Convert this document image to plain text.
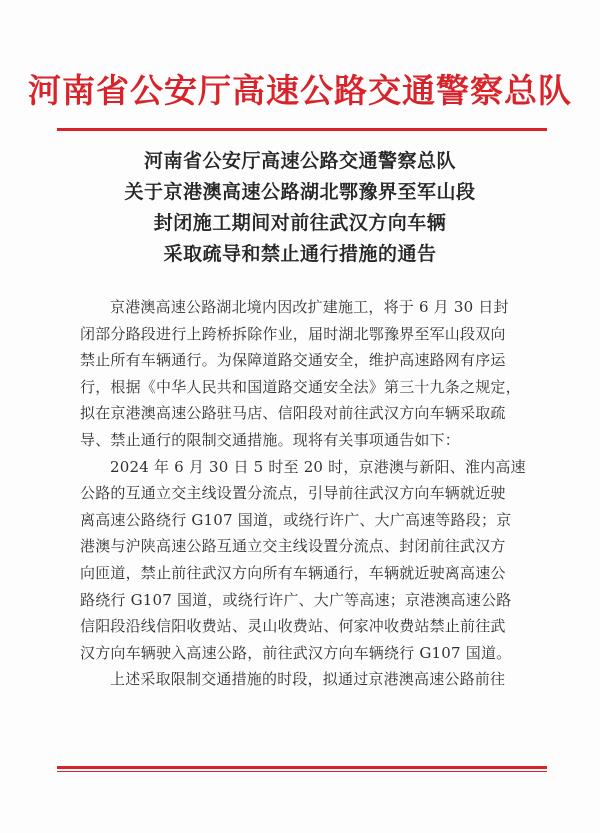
河南省公安厅高速公路交通警察总队
河南省公安厅高速公路交通警察总队
关于京港澳高速公路湖北鄂豫界至军山段
封闭施工期间对前往武汉方向车辆
采取疏导和禁止通行措施的通告
京港澳高速公路湖北境内因改扩建施工，将于 6 月 30 日封
闭部分路段进行上跨桥拆除作业，届时湖北鄂豫界至军山段双向
禁止所有车辆通行。为保障道路交通安全，维护高速路网有序运
行，根据《中华人民共和国道路交通安全法》第三十九条之规定，
拟在京港澳高速公路驻马店、信阳段对前往武汉方向车辆采取疏
导、禁止通行的限制交通措施。现将有关事项通告如下：
2024 年 6 月 30 日 5 时至 20 时，京港澳与新阳、淮内高速
公路的互通立交主线设置分流点，引导前往武汉方向车辆就近驶
离高速公路绕行 G107 国道，或绕行许广、大广高速等路段；京
港澳与沪陕高速公路互通立交主线设置分流点、封闭前往武汉方
向匝道，禁止前往武汉方向所有车辆通行，车辆就近驶离高速公
路绕行 G107 国道，或绕行许广、大广等高速；京港澳高速公路
信阳段沿线信阳收费站、灵山收费站、何家冲收费站禁止前往武
汉方向车辆驶入高速公路，前往武汉方向车辆绕行 G107 国道。
上述采取限制交通措施的时段，拟通过京港澳高速公路前往
